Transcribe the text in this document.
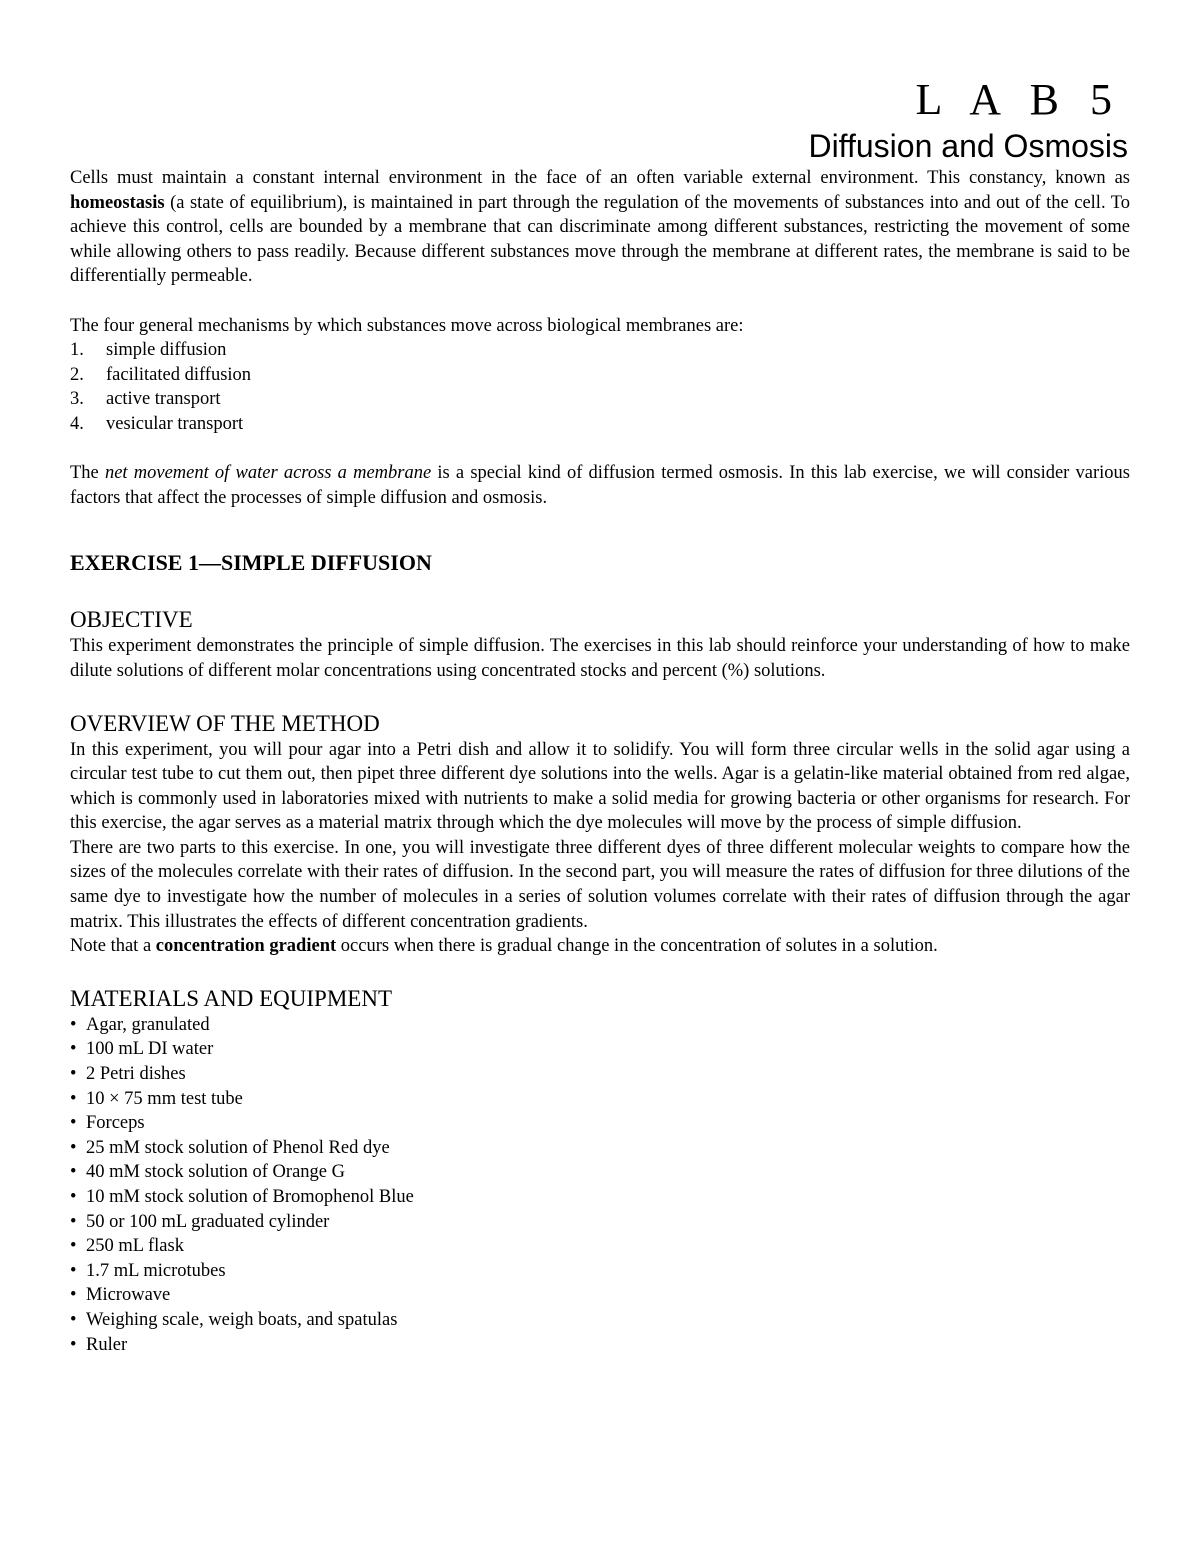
L A B 5
Diffusion and Osmosis

Cells must maintain a constant internal environment in the face of an often variable external environment. This constancy, known as homeostasis (a state of equilibrium), is maintained in part through the regulation of the movements of substances into and out of the cell. To achieve this control, cells are bounded by a membrane that can discriminate among different substances, restricting the movement of some while allowing others to pass readily. Because different substances move through the membrane at different rates, the membrane is said to be differentially permeable.

The four general mechanisms by which substances move across biological membranes are:

1.	simple diffusion
2.	facilitated diffusion
3.	active transport
4.	vesicular transport

The net movement of water across a membrane is a special kind of diffusion termed osmosis. In this lab exercise, we will consider various factors that affect the processes of simple diffusion and osmosis.

EXERCISE 1—SIMPLE DIFFUSION
OBJECTIVE

This experiment demonstrates the principle of simple diffusion. The exercises in this lab should reinforce your understanding of how to make dilute solutions of different molar concentrations using concentrated stocks and percent (%) solutions.

OVERVIEW OF THE METHOD

In this experiment, you will pour agar into a Petri dish and allow it to solidify. You will form three circular wells in the solid agar using a circular test tube to cut them out, then pipet three different dye solutions into the wells. Agar is a gelatin-like material obtained from red algae, which is commonly used in laboratories mixed with nutrients to make a solid media for growing bacteria or other organisms for research. For this exercise, the agar serves as a material matrix through which the dye molecules will move by the process of simple diffusion.

There are two parts to this exercise. In one, you will investigate three different dyes of three different molecular weights to compare how the sizes of the molecules correlate with their rates of diffusion. In the second part, you will measure the rates of diffusion for three dilutions of the same dye to investigate how the number of molecules in a series of solution volumes correlate with their rates of diffusion through the agar matrix. This illustrates the effects of different concentration gradients.

Note that a concentration gradient occurs when there is gradual change in the concentration of solutes in a solution.

MATERIALS AND EQUIPMENT
• Agar, granulated
• 100 mL DI water
• 2 Petri dishes
• 10 × 75 mm test tube
• Forceps
• 25 mM stock solution of Phenol Red dye
• 40 mM stock solution of Orange G
• 10 mM stock solution of Bromophenol Blue
• 50 or 100 mL graduated cylinder
• 250 mL flask
• 1.7 mL microtubes
• Microwave
• Weighing scale, weigh boats, and spatulas
• Ruler
